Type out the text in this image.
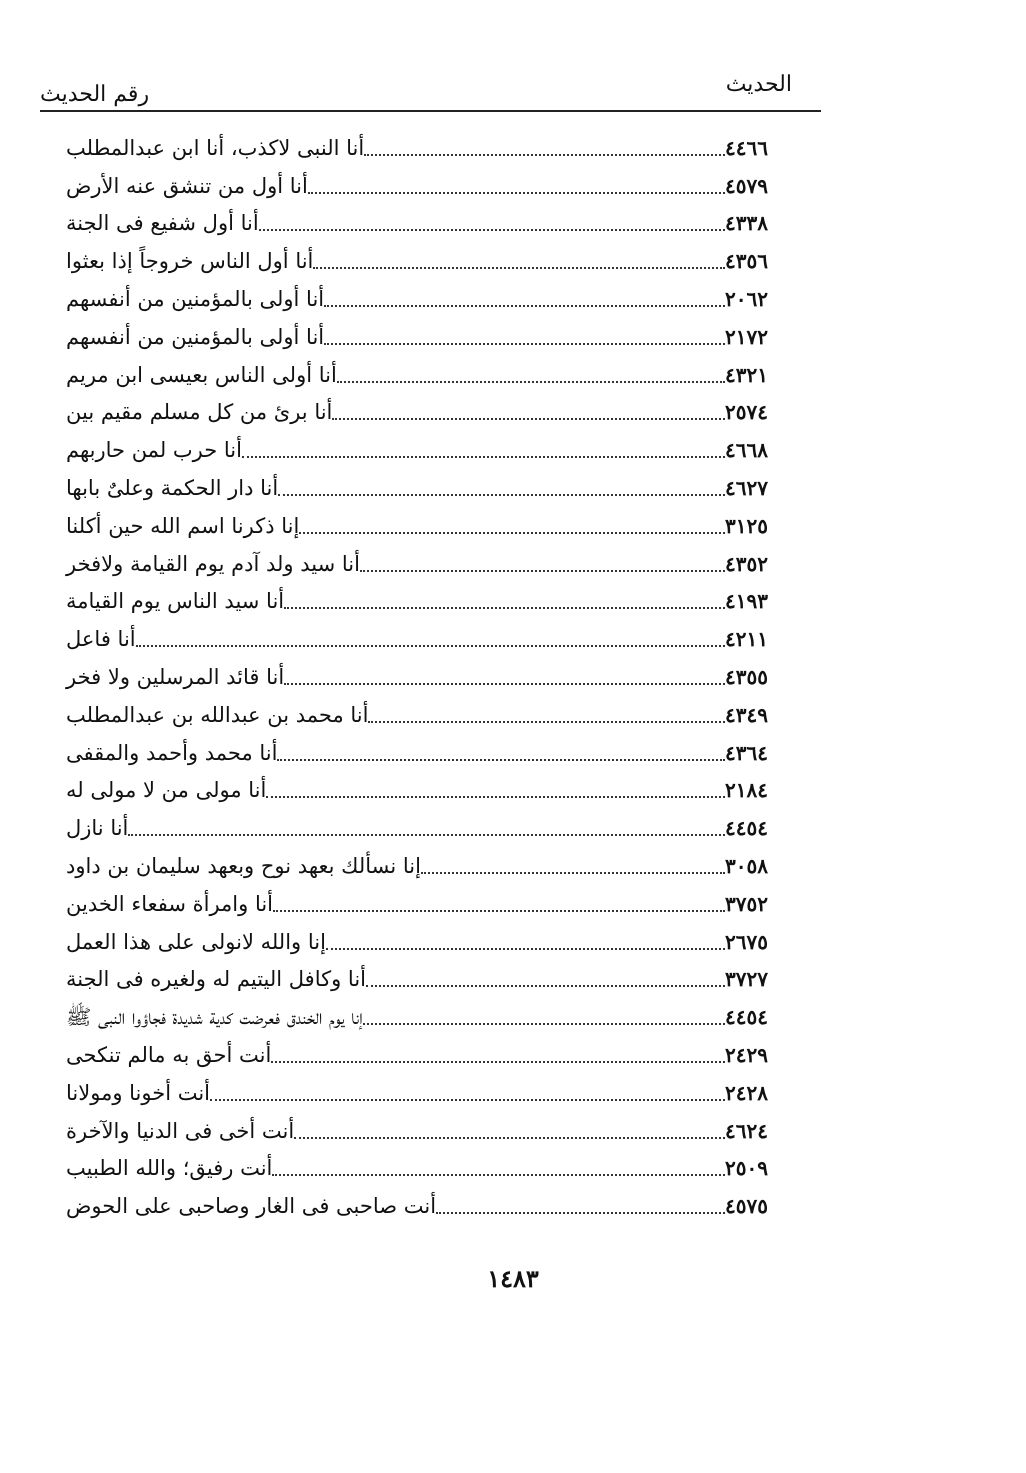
الحديث
رقم الحديث
أنا النبى لاكذب، أنا ابن عبدالمطلب	٤٤٦٦
أنا أول من تنشق عنه الأرض	٤٥٧٩
أنا أول شفيع فى الجنة	٤٣٣٨
أنا أول الناس خروجاً إذا بعثوا	٤٣٥٦
أنا أولى بالمؤمنين من أنفسهم	٢٠٦٢
أنا أولى بالمؤمنين من أنفسهم	٢١٧٢
أنا أولى الناس بعيسى ابن مريم	٤٣٢١
أنا برئ من كل مسلم مقيم بين	٢٥٧٤
أنا حرب لمن حاربهم	٤٦٦٨
أنا دار الحكمة وعلىٌ بابها	٤٦٢٧
إنا ذكرنا اسم الله حين أكلنا	٣١٢٥
أنا سيد ولد آدم يوم القيامة ولافخر	٤٣٥٢
أنا سيد الناس يوم القيامة	٤١٩٣
أنا فاعل	٤٢١١
أنا قائد المرسلين ولا فخر	٤٣٥٥
أنا محمد بن عبدالله بن عبدالمطلب	٤٣٤٩
أنا محمد وأحمد والمقفى	٤٣٦٤
أنا مولى من لا مولى له	٢١٨٤
أنا نازل	٤٤٥٤
إنا نسألك بعهد نوح وبعهد سليمان بن داود	٣٠٥٨
أنا وامرأة سفعاء الخدين	٣٧٥٢
إنا والله لانولى على هذا العمل	٢٦٧٥
أنا وكافل اليتيم له ولغيره فى الجنة	٣٧٢٧
إنا يوم الخندق فعرضت كدية شديدة فجاؤوا النبى ﷺ	٤٤٥٤
أنت أحق به مالم تنكحى	٢٤٢٩
أنت أخونا ومولانا	٢٤٢٨
أنت أخى فى الدنيا والآخرة	٤٦٢٤
أنت رفيق؛ والله الطبيب	٢٥٠٩
أنت صاحبى فى الغار وصاحبى على الحوض	٤٥٧٥
١٤٨٣
